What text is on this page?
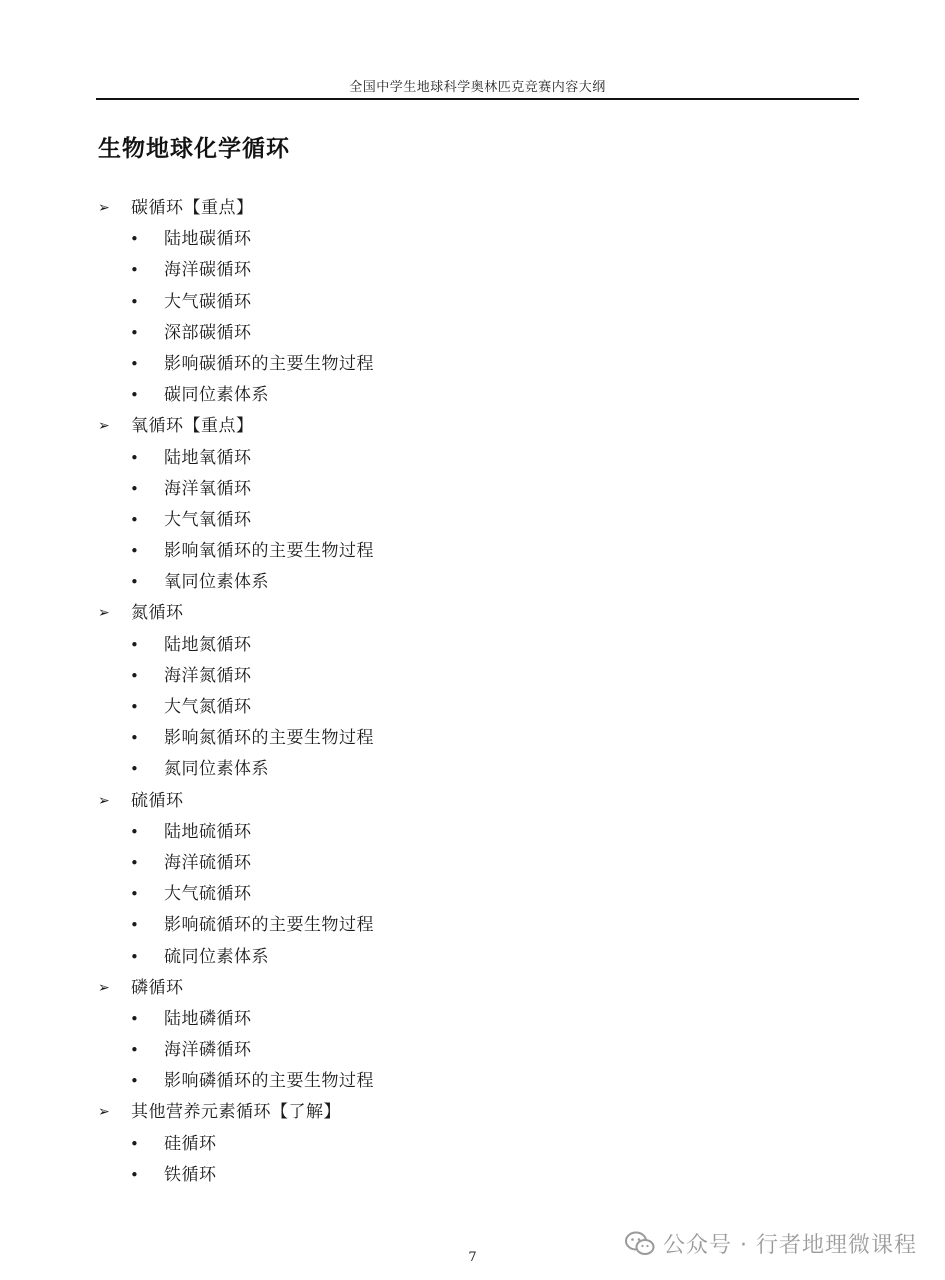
全国中学生地球科学奥林匹克竞赛内容大纲
生物地球化学循环
➢ 碳循环【重点】
• 陆地碳循环
• 海洋碳循环
• 大气碳循环
• 深部碳循环
• 影响碳循环的主要生物过程
• 碳同位素体系
➢ 氧循环【重点】
• 陆地氧循环
• 海洋氧循环
• 大气氧循环
• 影响氧循环的主要生物过程
• 氧同位素体系
➢ 氮循环
• 陆地氮循环
• 海洋氮循环
• 大气氮循环
• 影响氮循环的主要生物过程
• 氮同位素体系
➢ 硫循环
• 陆地硫循环
• 海洋硫循环
• 大气硫循环
• 影响硫循环的主要生物过程
• 硫同位素体系
➢ 磷循环
• 陆地磷循环
• 海洋磷循环
• 影响磷循环的主要生物过程
➢ 其他营养元素循环【了解】
• 硅循环
• 铁循环
7	公众号 · 行者地理微课程
